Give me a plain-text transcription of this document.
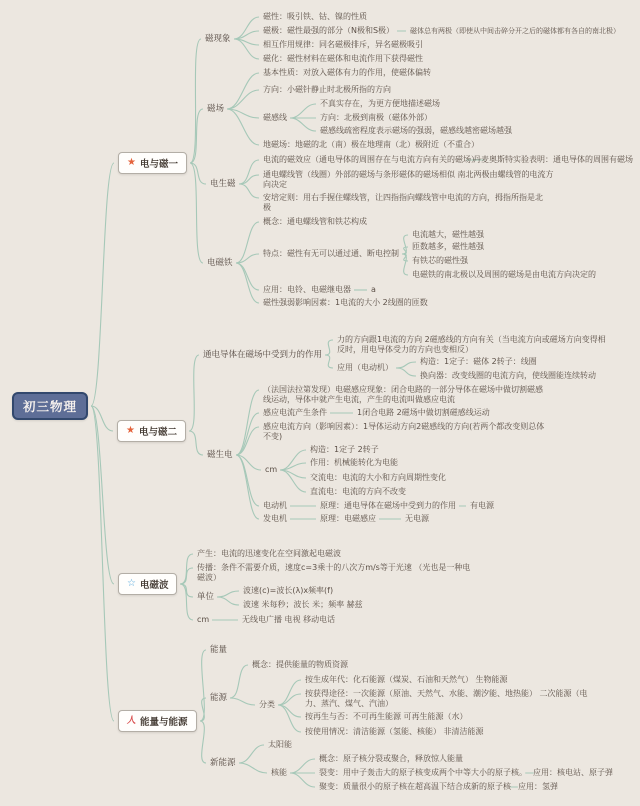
初三物理
★
电与磁一
★
电与磁二
☆
电磁波
人
能量与能源
磁现象
磁性：吸引铁、钴、镍的性质
磁极：磁性最强的部分（N极和S极） 磁体总有两极（即使从中间击碎分开之后的磁体都有各自的南北极）
相互作用规律：同名磁极排斥，异名磁极吸引
磁化：磁性材料在磁体和电流作用下获得磁性
磁场
基本性质：对放入磁体有力的作用，使磁体偏转
方向：小磁针静止时北极所指的方向
磁感线
不真实存在，为更方便地描述磁场
方向：北极到南极（磁体外部）
磁感线疏密程度表示磁场的强弱，磁感线越密磁场越强
地磁场：地磁的北（南）极在地理南（北）极附近（不重合）
电生磁
电流的磁效应（通电导体的周围存在与电流方向有关的磁场）
丹麦奥斯特实验表明：通电导体的周围有磁场
通电螺线管（线圈）外部的磁场与条形磁体的磁场相似 南北两极由螺线管的电流方向决定
安培定则：用右手握住螺线管，让四指指向螺线管中电流的方向，拇指所指是北极
电磁铁
概念：通电螺线管和铁芯构成
特点：磁性有无可以通过通、断电控制
电流越大，磁性越强
匝数越多，磁性越强
有铁芯的磁性强
电磁铁的南北极以及周围的磁场是由电流方向决定的
应用：电铃、电磁继电器	a
磁性强弱影响因素：1电流的大小 2线圈的匝数
通电导体在磁场中受到力的作用
力的方向跟1电流的方向 2磁感线的方向有关（当电流方向或磁场方向变得相反时，用电导体受力的方向也变相反）
应用（电动机）
构造：1定子：磁体 2转子：线圈
换向器：改变线圈的电流方向，使线圈能连续转动
磁生电
（法国法拉第发现）电磁感应现象：闭合电路的一部分导体在磁场中做切割磁感线运动，导体中就产生电流，产生的电流叫做感应电流
感应电流产生条件	1闭合电路 2磁场中做切割磁感线运动
感应电流方向（影响因素）：1导体运动方向2磁感线的方向(若两个都改变则总体不变)
cm
构造：1定子 2转子
作用：机械能转化为电能
交流电：电流的大小和方向周期性变化
直流电：电流的方向不改变
电动机	原理：通电导体在磁场中受到力的作用 有电源
发电机	原理：电磁感应	无电源
产生：电流的迅速变化在空间激起电磁波
传播：条件不需要介质，速度c=3乘十的八次方m/s等于光速 （光也是一种电磁波）
单位
波速(c)=波长(λ)x频率(f)
波速 米每秒；波长 米；频率 赫兹
cm	无线电广播 电视 移动电话
能量
能源
概念：提供能量的物质资源
分类
按生成年代：化石能源（煤炭、石油和天然气） 生物能源
按获得途径：一次能源（原油、天然气、水能、潮汐能、地热能） 二次能源（电力、蒸汽、煤气、汽油）
按再生与否：不可再生能源 可再生能源（水）
按使用情况：清洁能源（氢能、核能） 非清洁能源
新能源
太阳能
核能
概念：原子核分裂或聚合，释放惊人能量
裂变：用中子轰击大的原子核变成两个中等大小的原子核。 应用：核电站、原子弹
聚变：质量很小的原子核在超高温下结合成新的原子核 应用：氢弹
